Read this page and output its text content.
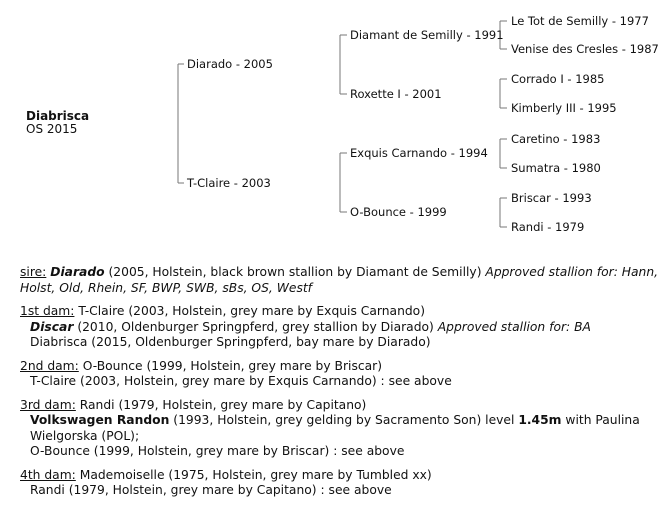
Diabrisca
OS 2015
Diarado - 2005
T-Claire - 2003
Diamant de Semilly - 1991
Roxette I - 2001
Exquis Carnando - 1994
O-Bounce - 1999
Le Tot de Semilly - 1977
Venise des Cresles - 1987
Corrado I - 1985
Kimberly III - 1995
Caretino - 1983
Sumatra - 1980
Briscar - 1993
Randi - 1979
sire: Diarado (2005, Holstein, black brown stallion by Diamant de Semilly) Approved stallion for: Hann, Holst, Old, Rhein, SF, BWP, SWB, sBs, OS, Westf
1st dam: T-Claire (2003, Holstein, grey mare by Exquis Carnando)
Discar (2010, Oldenburger Springpferd, grey stallion by Diarado) Approved stallion for: BA
Diabrisca (2015, Oldenburger Springpferd, bay mare by Diarado)
2nd dam: O-Bounce (1999, Holstein, grey mare by Briscar)
T-Claire (2003, Holstein, grey mare by Exquis Carnando) : see above
3rd dam: Randi (1979, Holstein, grey mare by Capitano)
Volkswagen Randon (1993, Holstein, grey gelding by Sacramento Son) level 1.45m with Paulina Wielgorska (POL);
O-Bounce (1999, Holstein, grey mare by Briscar) : see above
4th dam: Mademoiselle (1975, Holstein, grey mare by Tumbled xx)
Randi (1979, Holstein, grey mare by Capitano) : see above
